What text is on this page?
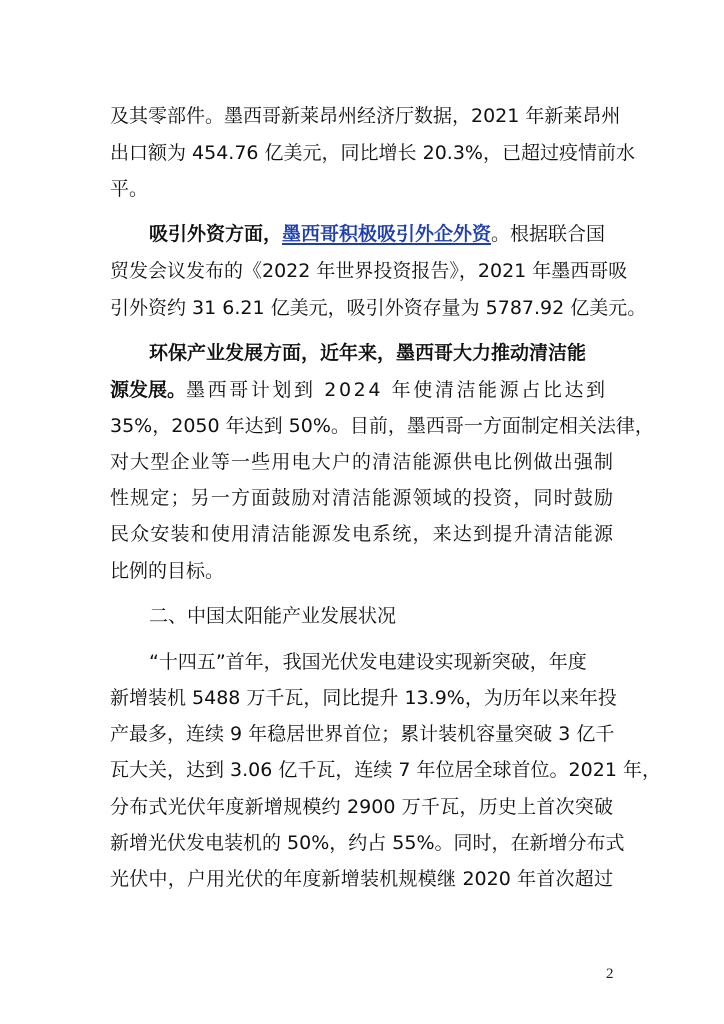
及其零部件。墨西哥新莱昂州经济厅数据，2021 年新莱昂州
出口额为 454.76 亿美元，同比增长 20.3%，已超过疫情前水
平。
吸引外资方面，墨西哥积极吸引外企外资。根据联合国
贸发会议发布的《2022 年世界投资报告》，2021 年墨西哥吸
引外资约 31 6.21 亿美元，吸引外资存量为 5787.92 亿美元。
环保产业发展方面，近年来，墨西哥大力推动清洁能
源发展。墨西哥计划到 2024 年使清洁能源占比达到
35%，2050 年达到 50%。目前，墨西哥一方面制定相关法律，
对大型企业等一些用电大户的清洁能源供电比例做出强制
性规定；另一方面鼓励对清洁能源领域的投资，同时鼓励
民众安装和使用清洁能源发电系统，来达到提升清洁能源
比例的目标。
二、中国太阳能产业发展状况
“十四五”首年，我国光伏发电建设实现新突破，年度
新增装机 5488 万千瓦，同比提升 13.9%，为历年以来年投
产最多，连续 9 年稳居世界首位；累计装机容量突破 3 亿千
瓦大关，达到 3.06 亿千瓦，连续 7 年位居全球首位。2021 年，
分布式光伏年度新增规模约 2900 万千瓦，历史上首次突破
新增光伏发电装机的 50%，约占 55%。同时，在新增分布式
光伏中，户用光伏的年度新增装机规模继 2020 年首次超过
2
